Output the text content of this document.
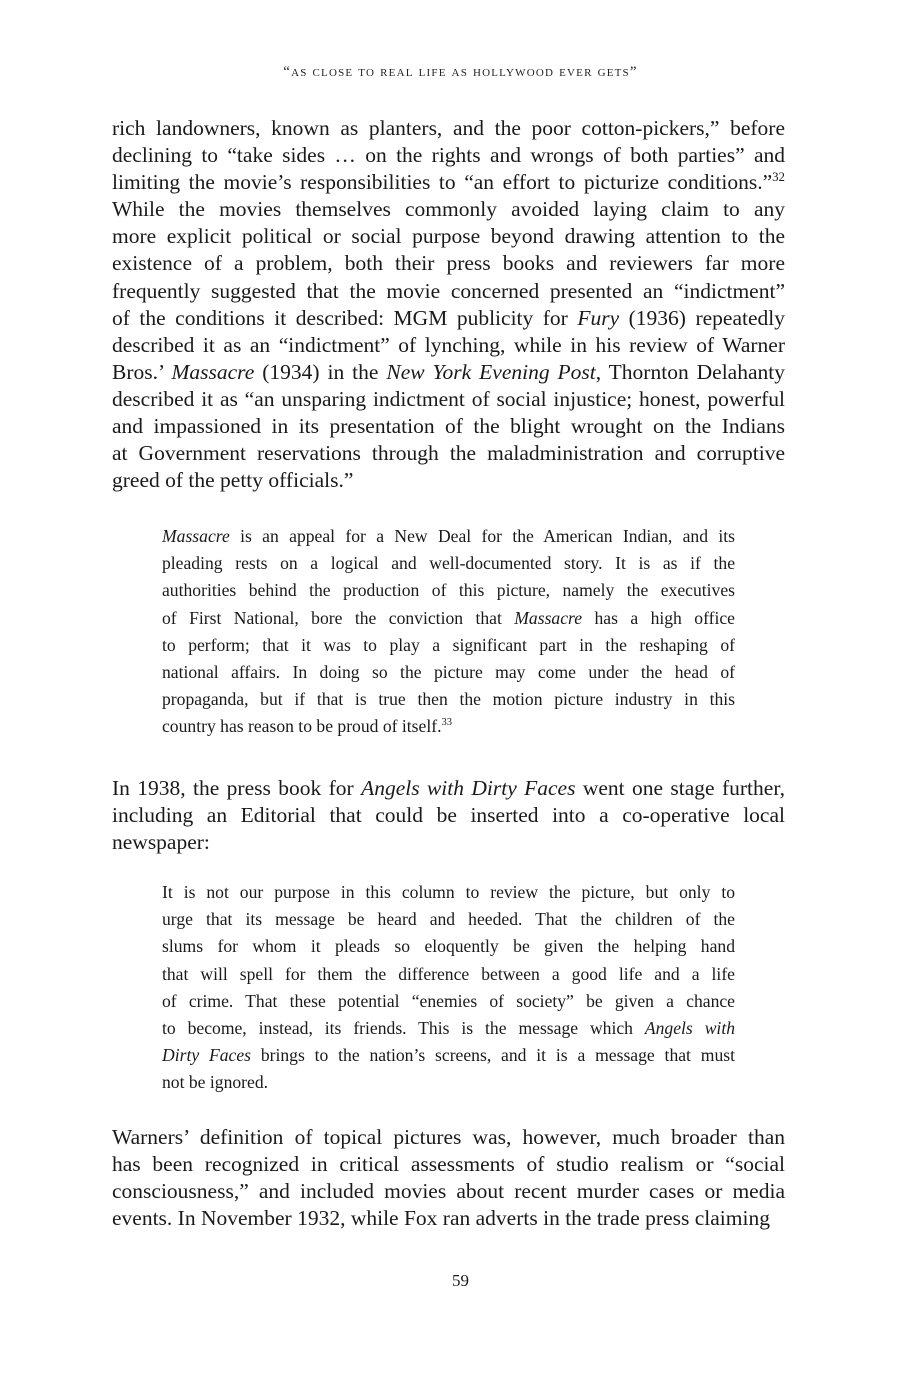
“as close to real life as hollywood ever gets”
rich landowners, known as planters, and the poor cotton-pickers,” before
declining to “take sides … on the rights and wrongs of both parties” and
limiting the movie’s responsibilities to “an effort to picturize conditions.”$^{32}$
While the movies themselves commonly avoided laying claim to any
more explicit political or social purpose beyond drawing attention to the
existence of a problem, both their press books and reviewers far more
frequently suggested that the movie concerned presented an “indictment”
of the conditions it described: MGM publicity for Fury (1936) repeatedly
described it as an “indictment” of lynching, while in his review of Warner
Bros.’ Massacre (1934) in the New York Evening Post, Thornton Delahanty
described it as “an unsparing indictment of social injustice; honest, powerful
and impassioned in its presentation of the blight wrought on the Indians
at Government reservations through the maladministration and corruptive
greed of the petty officials.”
Massacre is an appeal for a New Deal for the American Indian, and its
pleading rests on a logical and well-documented story. It is as if the
authorities behind the production of this picture, namely the executives
of First National, bore the conviction that Massacre has a high office
to perform; that it was to play a significant part in the reshaping of
national affairs. In doing so the picture may come under the head of
propaganda, but if that is true then the motion picture industry in this
country has reason to be proud of itself.$^{33}$
In 1938, the press book for Angels with Dirty Faces went one stage further,
including an Editorial that could be inserted into a co-operative local
newspaper:
It is not our purpose in this column to review the picture, but only to
urge that its message be heard and heeded. That the children of the
slums for whom it pleads so eloquently be given the helping hand
that will spell for them the difference between a good life and a life
of crime. That these potential “enemies of society” be given a chance
to become, instead, its friends. This is the message which Angels with
Dirty Faces brings to the nation’s screens, and it is a message that must
not be ignored.
Warners’ definition of topical pictures was, however, much broader than
has been recognized in critical assessments of studio realism or “social
consciousness,” and included movies about recent murder cases or media
events. In November 1932, while Fox ran adverts in the trade press claiming
59
